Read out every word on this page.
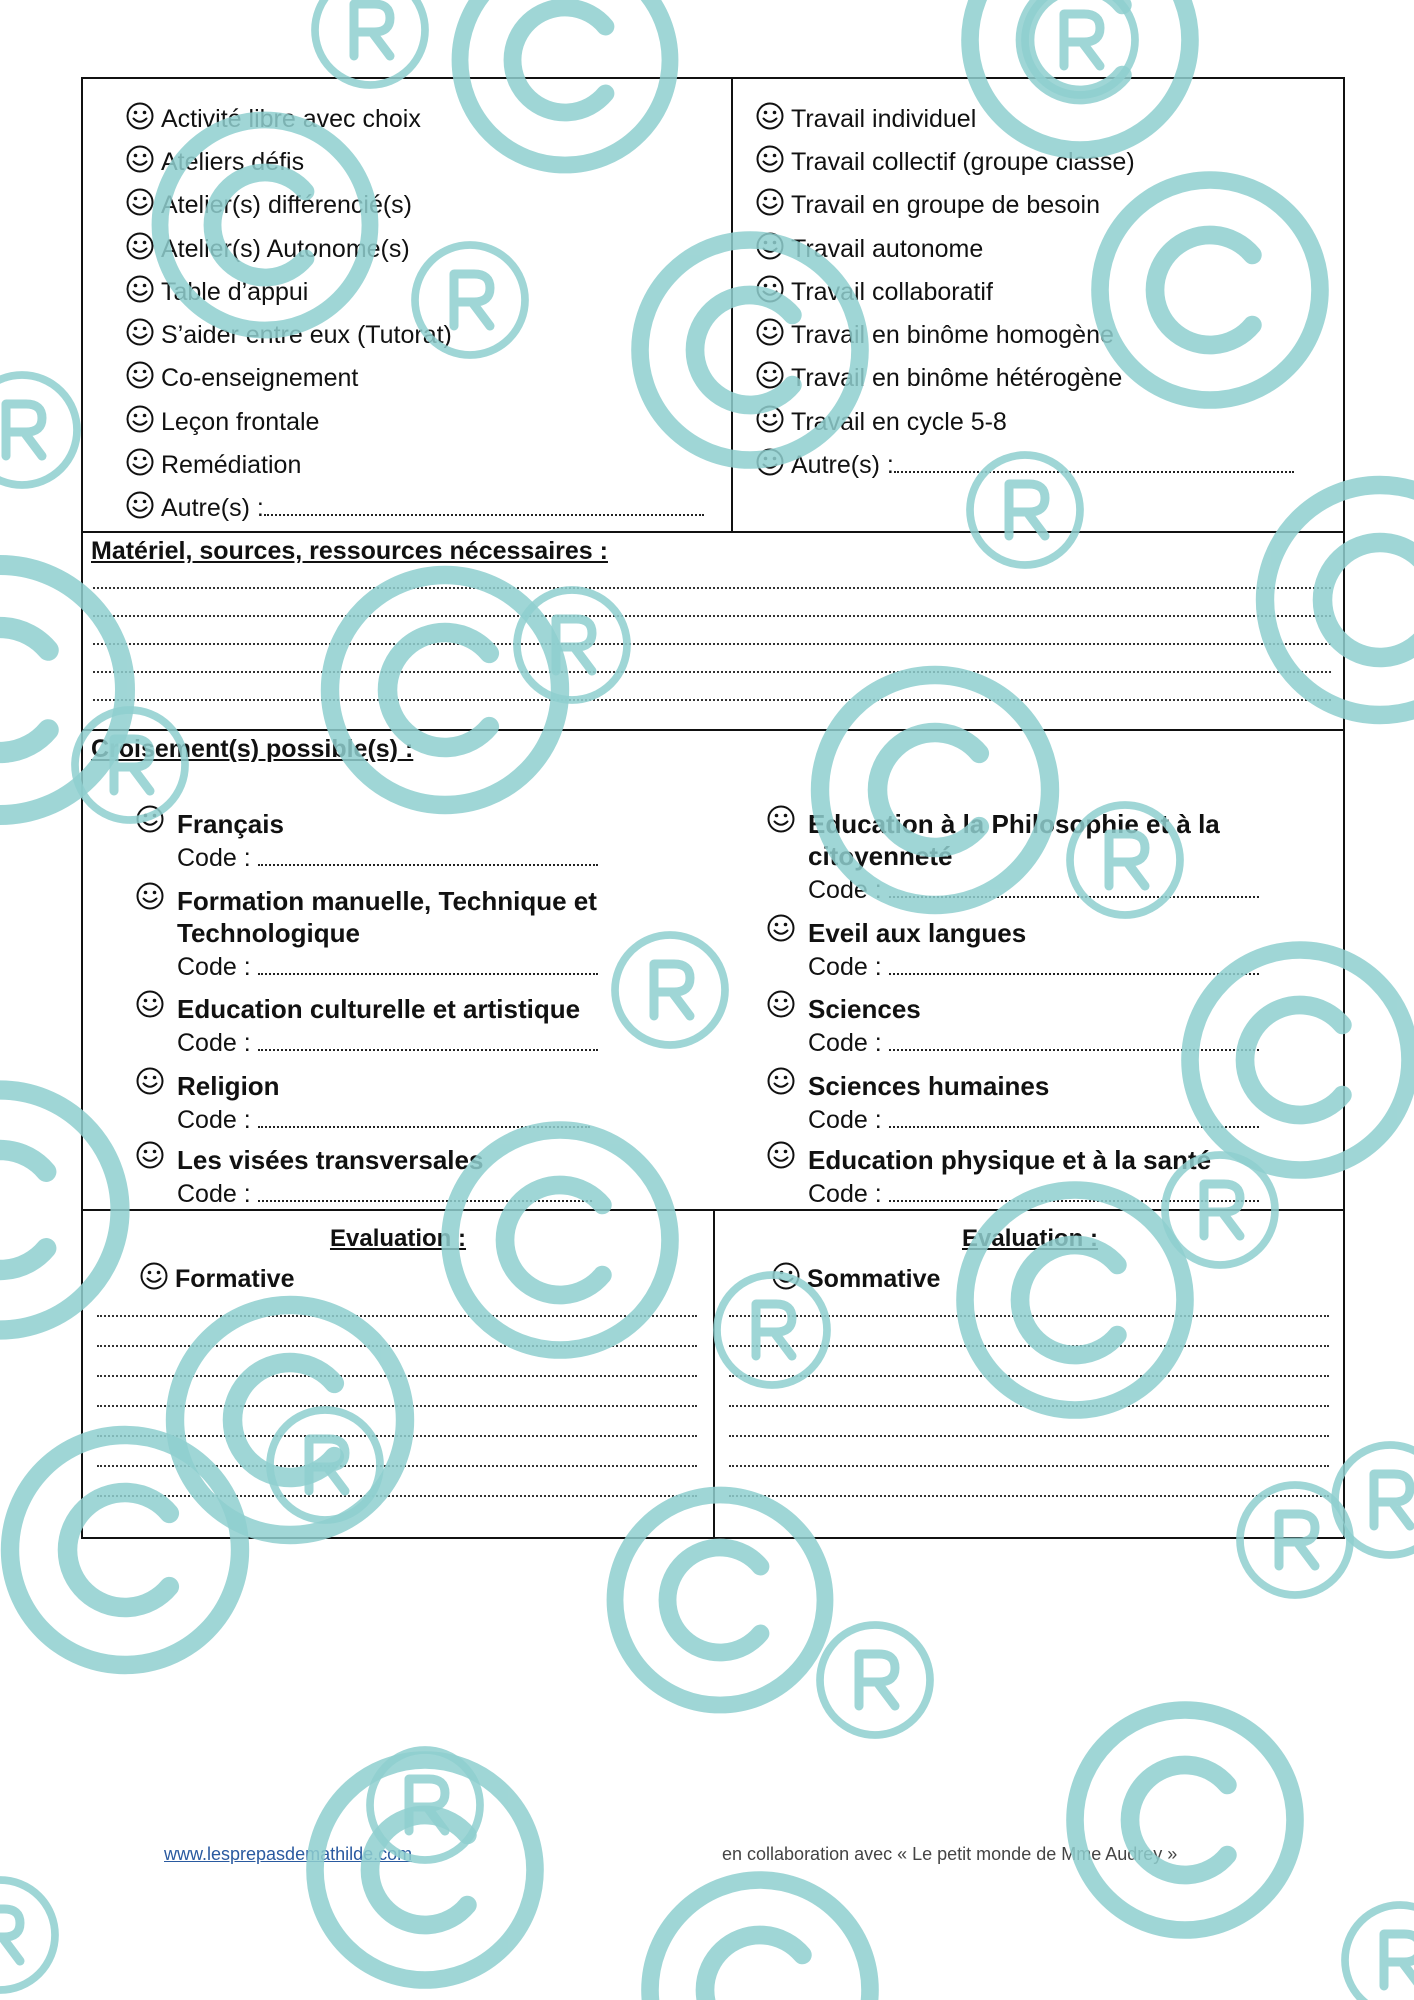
Activité libre avec choix
Ateliers défis
Atelier(s) différencié(s)
Atelier(s) Autonome(s)
Table d’appui
S’aider entre eux (Tutorat)
Co-enseignement
Leçon frontale
Remédiation
Autre(s) :
Travail individuel
Travail collectif (groupe classe)
Travail en groupe de besoin
Travail autonome
Travail collaboratif
Travail en binôme homogène
Travail en binôme hétérogène
Travail en cycle 5-8
Autre(s) :
Matériel, sources, ressources nécessaires :
Croisement(s) possible(s) :
Français
Code :
Formation manuelle, Technique et Technologique
Code :
Education culturelle et artistique
Code :
Religion
Code :
Les visées transversales
Code :
Education à la Philosophie et à la citoyenneté
Code :
Eveil aux langues
Code :
Sciences
Code :
Sciences humaines
Code :
Education physique et à la santé
Code :
Evaluation :
Formative
Evaluation :
Sommative
www.lesprepasdemathilde.com	en collaboration avec « Le petit monde de Mme Audrey »
